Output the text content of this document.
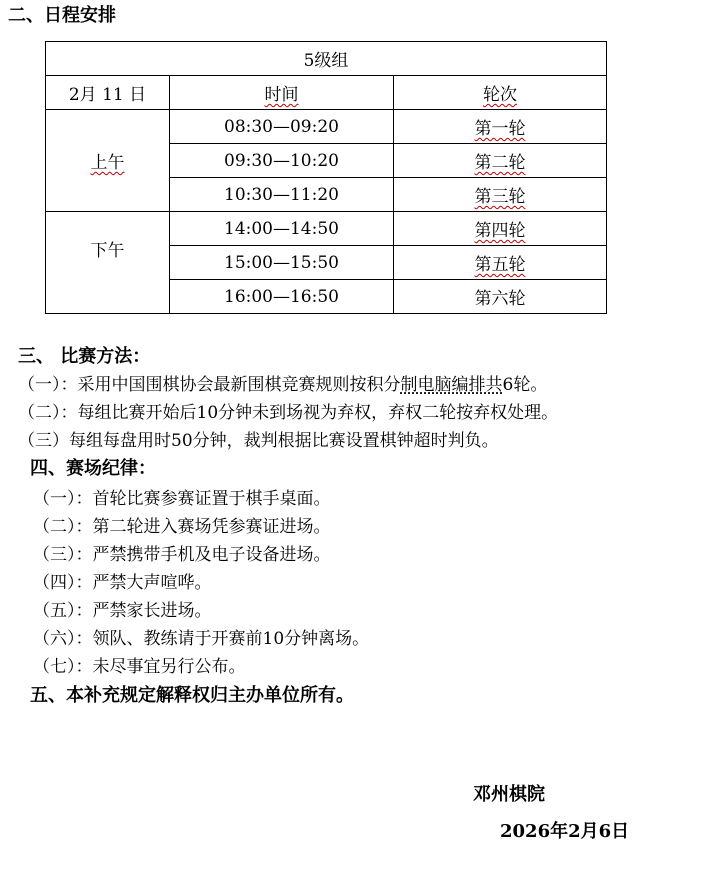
二、日程安排
5级组		
2月 11 日	时间	轮次
上午	08:30—09:20	第一轮
	09:30—10:20	第二轮
	10:30—11:20	第三轮
下午	14:00—14:50	第四轮
	15:00—15:50	第五轮
	16:00—16:50	第六轮
三、 比赛方法：
（一）：采用中国围棋协会最新围棋竞赛规则按积分制电脑编排共6轮。
（二）：每组比赛开始后10分钟未到场视为弃权，弃权二轮按弃权处理。
（三）每组每盘用时50分钟，裁判根据比赛设置棋钟超时判负。
四、赛场纪律：
（一）：首轮比赛参赛证置于棋手桌面。
（二）：第二轮进入赛场凭参赛证进场。
（三）：严禁携带手机及电子设备进场。
（四）：严禁大声喧哗。
（五）：严禁家长进场。
（六）：领队、教练请于开赛前10分钟离场。
（七）：未尽事宜另行公布。
五、本补充规定解释权归主办单位所有。
邓州棋院
2026年2月6日
